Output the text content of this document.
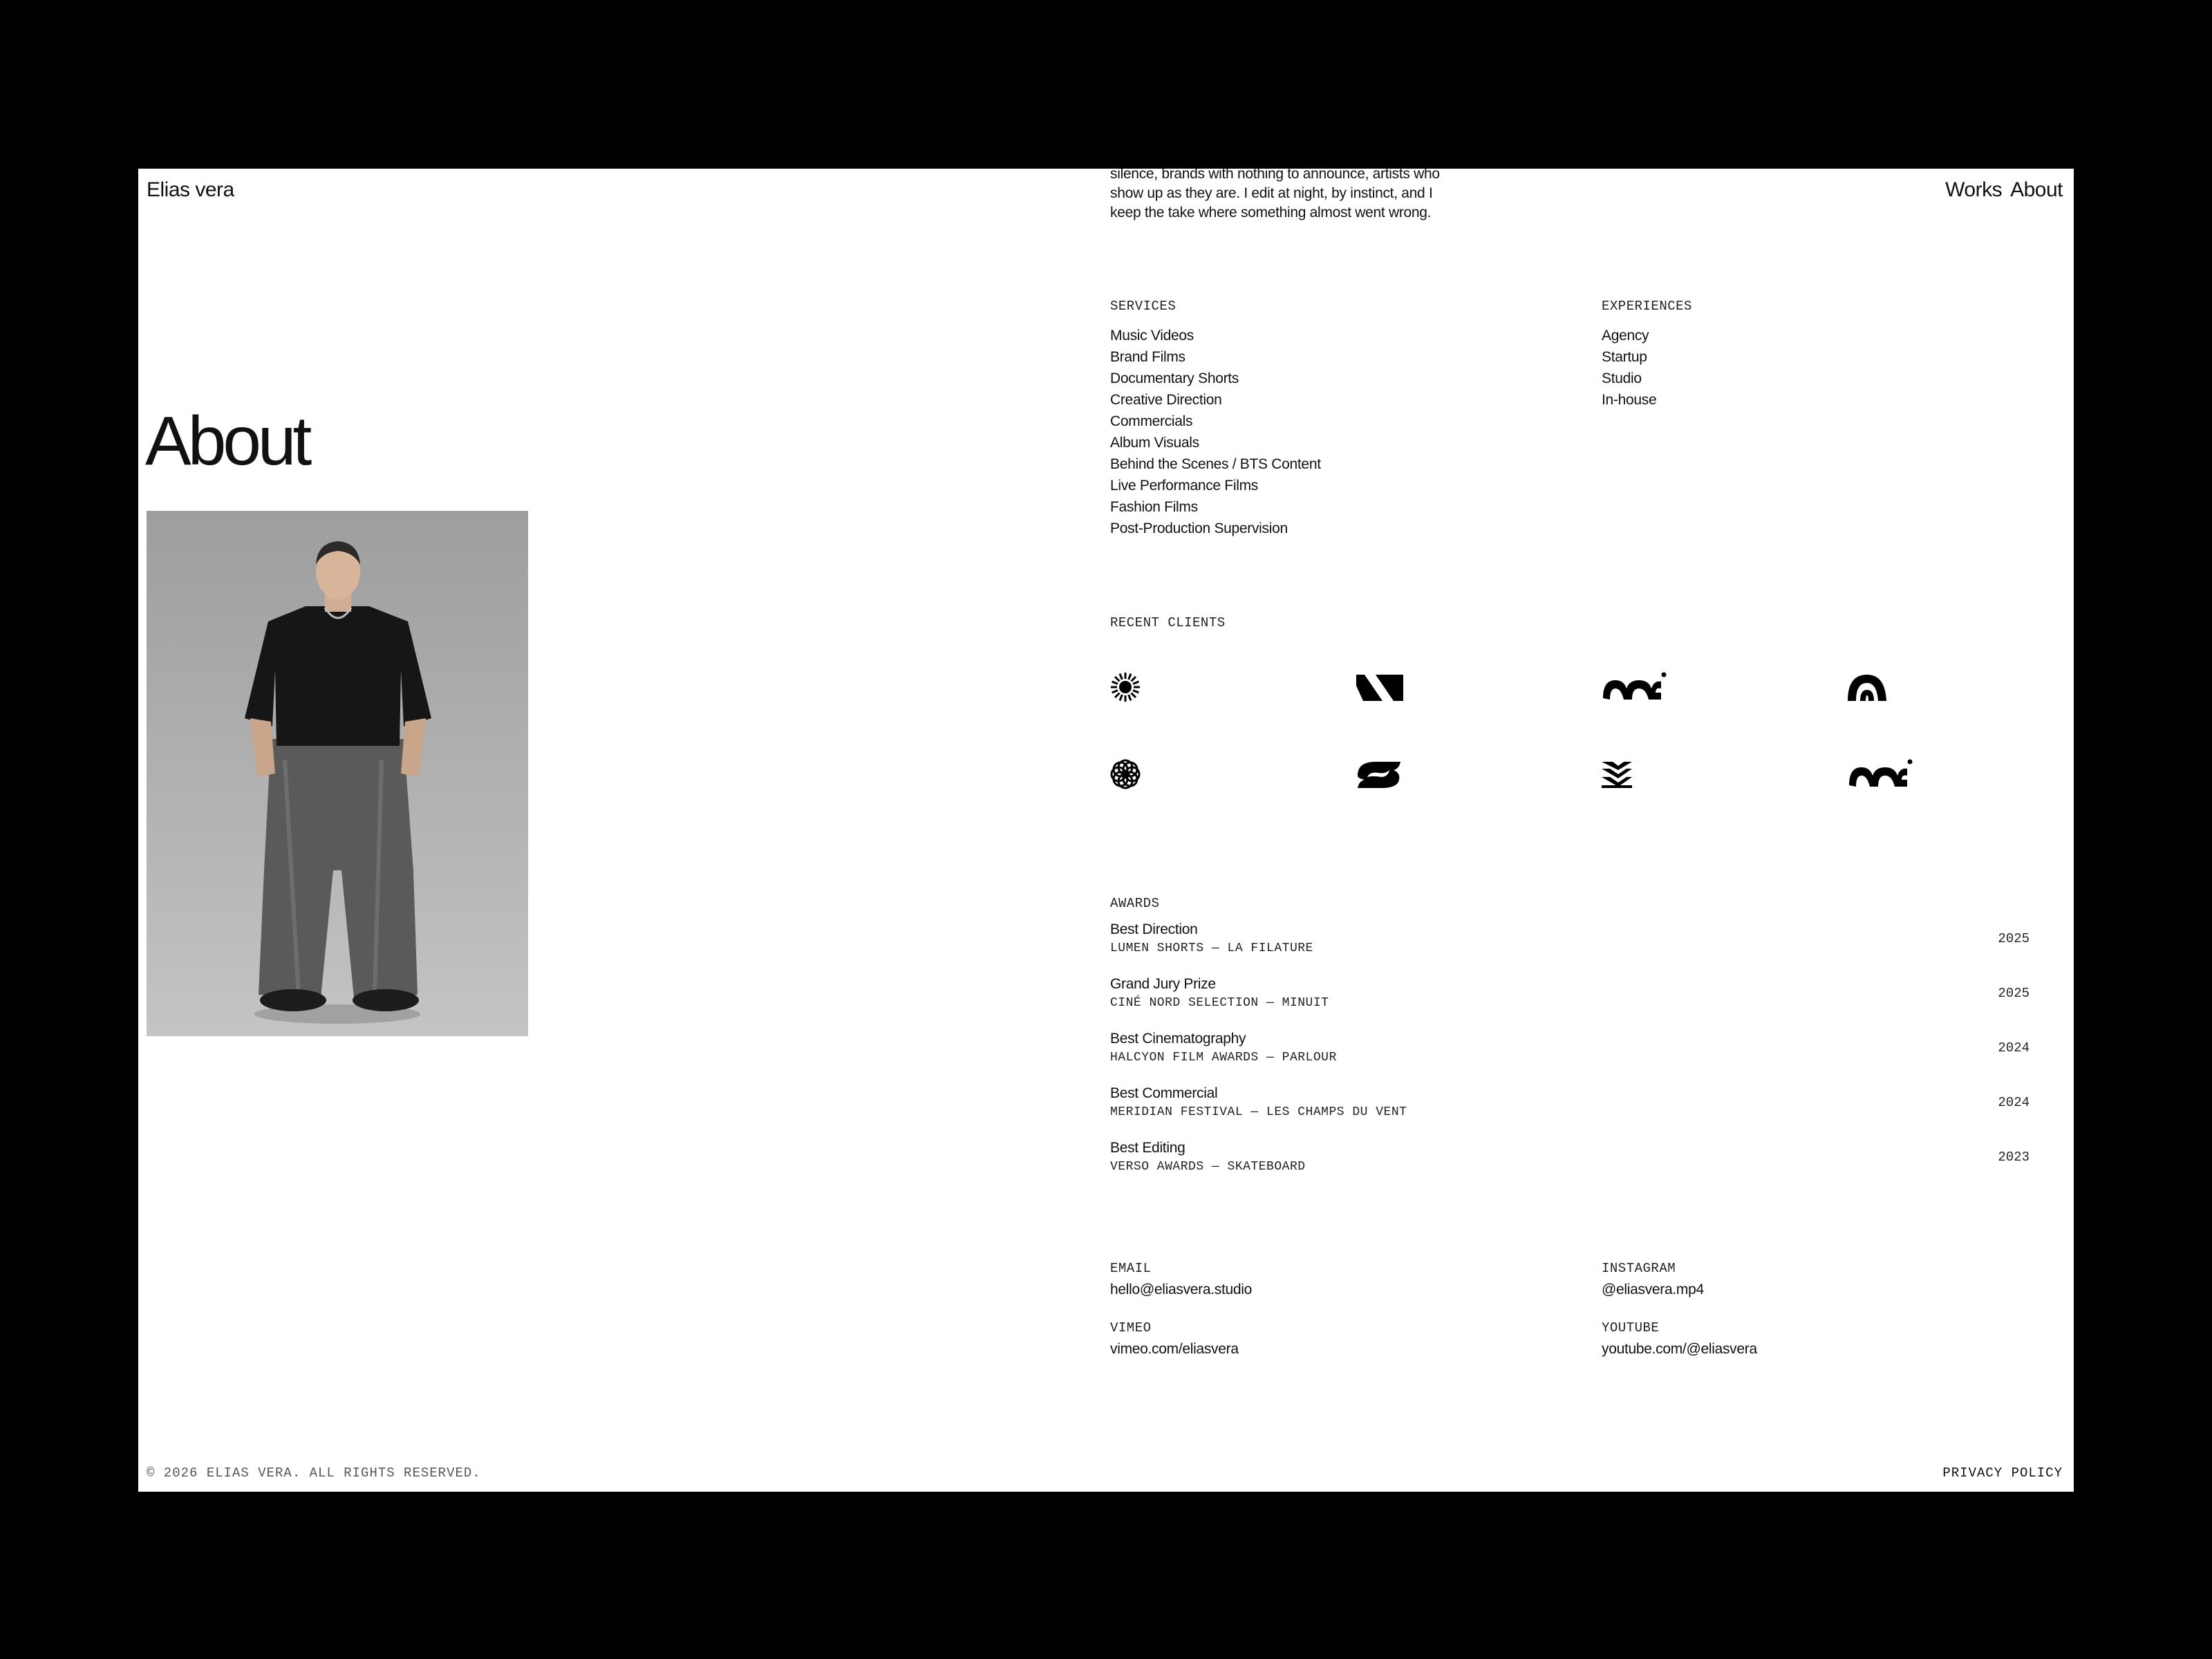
Elias vera	Works About

silence, brands with nothing to announce, artists who

show up as they are. I edit at night, by instinct, and I

keep the take where something almost went wrong.

About
SERVICES
Music Videos
Brand Films
Documentary Shorts
Creative Direction
Commercials
Album Visuals
Behind the Scenes / BTS Content
Live Performance Films
Fashion Films
Post-Production Supervision
EXPERIENCES
Agency
Startup
Studio
In-house
RECENT CLIENTS
AWARDS
Best Direction
LUMEN SHORTS — LA FILATURE
2025
Grand Jury Prize
CINÉ NORD SELECTION — MINUIT
2025
Best Cinematography
HALCYON FILM AWARDS — PARLOUR
2024
Best Commercial
MERIDIAN FESTIVAL — LES CHAMPS DU VENT
2024
Best Editing
VERSO AWARDS — SKATEBOARD
2023
EMAIL
hello@eliasvera.studio
INSTAGRAM
@eliasvera.mp4
VIMEO
vimeo.com/eliasvera
YOUTUBE
youtube.com/@eliasvera
© 2026 ELIAS VERA. ALL RIGHTS RESERVED.	PRIVACY POLICY
